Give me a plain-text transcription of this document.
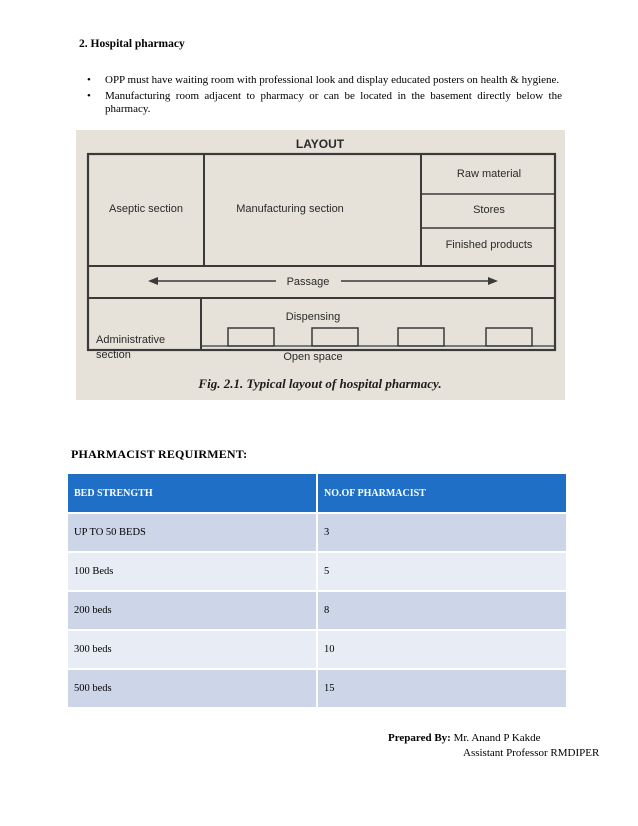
2. Hospital pharmacy
• OPP must have waiting room with professional look and display educated posters on health & hygiene.
• Manufacturing room adjacent to pharmacy or can be located in the basement directly below the pharmacy.
LAYOUT
Aseptic section	Manufacturing section
Raw material
Stores
Finished products
Passage
Administrative
section
Dispensing
Open space
Fig. 2.1. Typical layout of hospital pharmacy.
PHARMACIST REQUIRMENT:
BED STRENGTH	NO.OF PHARMACIST
UP TO 50 BEDS	3
100 Beds	5
200 beds	8
300 beds	10
500 beds	15
Prepared By: Mr. Anand P Kakde
Assistant Professor RMDIPER
